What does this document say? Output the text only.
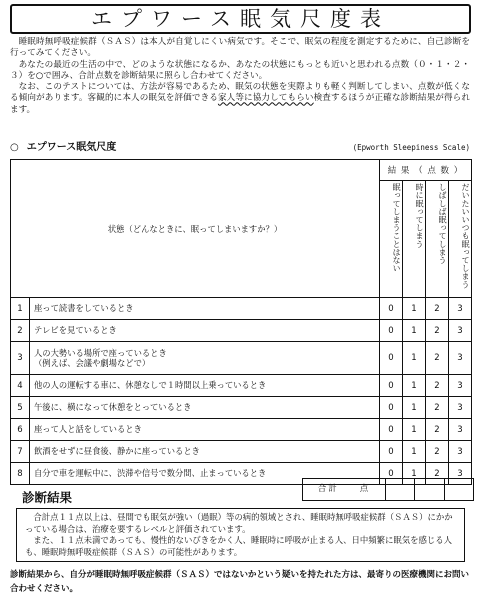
エプワース眠気尺度表

睡眠時無呼吸症候群（ＳＡＳ）は本人が自覚しにくい病気です。そこで、眠気の程度を測定するために、自己診断を行ってみてください。

あなたの最近の生活の中で、どのような状態になるか、あなたの状態にもっとも近いと思われる点数（０・１・２・３）を○で囲み、合計点数を診断結果に照らし合わせてください。

なお、このテストについては、方法が容易であるため、眠気の状態を実際よりも軽く判断してしまい、点数が低くなる傾向があります。客観的に本人の眠気を評価できる家人等に協力してもらい検査するほうが正確な診断結果が得られます。

○ エプワース眠気尺度	(Epworth Sleepiness Scale)
状態（どんなときに、眠ってしまいますか？）		結 果 （ 点 数 ）			
		眠ってしまうことはない	時に眠ってしまう	しばしば眠ってしまう	だいたいいつも眠ってしまう
1	座って読書をしているとき	0	1	2	3
2	テレビを見ているとき	0	1	2	3
3	人の大勢いる場所で座っているとき
（例えば、会議や劇場などで）	0	1	2	3
4	他の人の運転する車に、休憩なしで１時間以上乗っているとき	0	1	2	3
5	午後に、横になって休憩をとっているとき	0	1	2	3
6	座って人と話をしているとき	0	1	2	3
7	飲酒をせずに昼食後、静かに座っているとき	0	1	2	3
8	自分で車を運転中に、渋滞や信号で数分間、止まっているとき	0	1	2	3
合計　　点
診断結果

合計点１１点以上は、昼間でも眠気が強い（過眠）等の病的領域とされ、睡眠時無呼吸症候群（ＳＡＳ）にかかっている場合は、治療を要するレベルと評価されています。

また、１１点未満であっても、慢性的ないびきをかく人、睡眠時に呼吸が止まる人、日中頻繁に眠気を感じる人も、睡眠時無呼吸症候群（ＳＡＳ）の可能性があります。

診断結果から、自分が睡眠時無呼吸症候群（ＳＡＳ）ではないかという疑いを持たれた方は、最寄りの医療機関にお問い合わせください。
